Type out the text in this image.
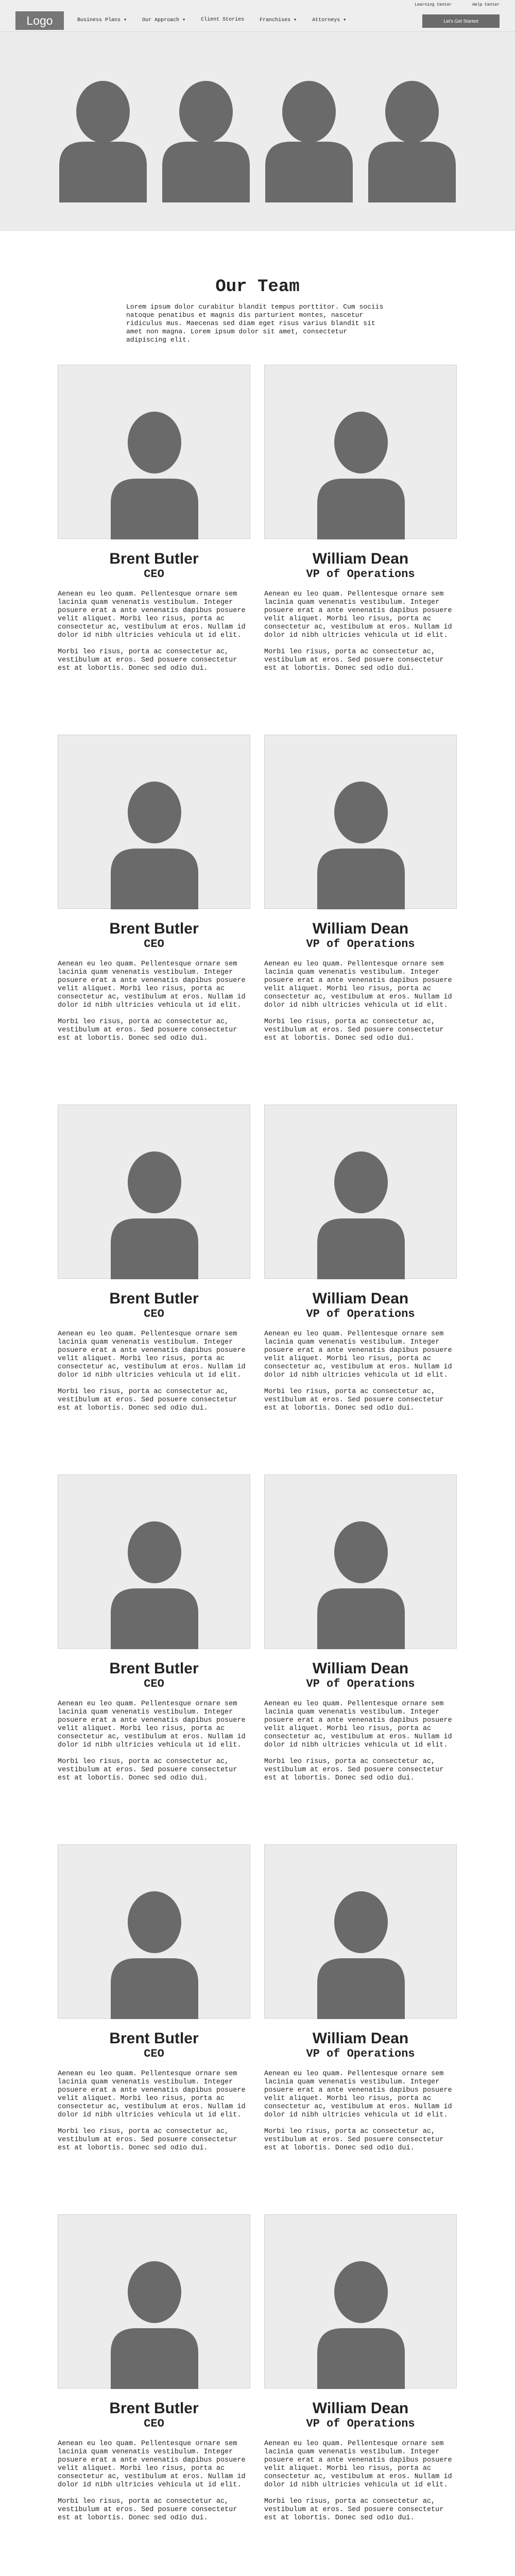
Logo	Business Plans ▾	Our Approach ▾	Client Stories	Franchises ▾	Attorneys ▾
Learning Center	Help Center
Let's Get Started
Our Team

Lorem ipsum dolor curabitur blandit tempus porttitor. Cum sociis natoque penatibus et magnis dis parturient montes, nascetur ridiculus mus. Maecenas sed diam eget risus varius blandit sit amet non magna. Lorem ipsum dolor sit amet, consectetur adipiscing elit.

Brent Butler
CEO

Aenean eu leo quam. Pellentesque ornare sem lacinia quam venenatis vestibulum. Integer posuere erat a ante venenatis dapibus posuere velit aliquet. Morbi leo risus, porta ac consectetur ac, vestibulum at eros. Nullam id dolor id nibh ultricies vehicula ut id elit.

Morbi leo risus, porta ac consectetur ac, vestibulum at eros. Sed posuere consectetur est at lobortis. Donec sed odio dui.

William Dean
VP of Operations

Aenean eu leo quam. Pellentesque ornare sem lacinia quam venenatis vestibulum. Integer posuere erat a ante venenatis dapibus posuere velit aliquet. Morbi leo risus, porta ac consectetur ac, vestibulum at eros. Nullam id dolor id nibh ultricies vehicula ut id elit.

Morbi leo risus, porta ac consectetur ac, vestibulum at eros. Sed posuere consectetur est at lobortis. Donec sed odio dui.

Brent Butler
CEO

Aenean eu leo quam. Pellentesque ornare sem lacinia quam venenatis vestibulum. Integer posuere erat a ante venenatis dapibus posuere velit aliquet. Morbi leo risus, porta ac consectetur ac, vestibulum at eros. Nullam id dolor id nibh ultricies vehicula ut id elit.

Morbi leo risus, porta ac consectetur ac, vestibulum at eros. Sed posuere consectetur est at lobortis. Donec sed odio dui.

William Dean
VP of Operations

Aenean eu leo quam. Pellentesque ornare sem lacinia quam venenatis vestibulum. Integer posuere erat a ante venenatis dapibus posuere velit aliquet. Morbi leo risus, porta ac consectetur ac, vestibulum at eros. Nullam id dolor id nibh ultricies vehicula ut id elit.

Morbi leo risus, porta ac consectetur ac, vestibulum at eros. Sed posuere consectetur est at lobortis. Donec sed odio dui.

Brent Butler
CEO

Aenean eu leo quam. Pellentesque ornare sem lacinia quam venenatis vestibulum. Integer posuere erat a ante venenatis dapibus posuere velit aliquet. Morbi leo risus, porta ac consectetur ac, vestibulum at eros. Nullam id dolor id nibh ultricies vehicula ut id elit.

Morbi leo risus, porta ac consectetur ac, vestibulum at eros. Sed posuere consectetur est at lobortis. Donec sed odio dui.

William Dean
VP of Operations

Aenean eu leo quam. Pellentesque ornare sem lacinia quam venenatis vestibulum. Integer posuere erat a ante venenatis dapibus posuere velit aliquet. Morbi leo risus, porta ac consectetur ac, vestibulum at eros. Nullam id dolor id nibh ultricies vehicula ut id elit.

Morbi leo risus, porta ac consectetur ac, vestibulum at eros. Sed posuere consectetur est at lobortis. Donec sed odio dui.

Brent Butler
CEO

Aenean eu leo quam. Pellentesque ornare sem lacinia quam venenatis vestibulum. Integer posuere erat a ante venenatis dapibus posuere velit aliquet. Morbi leo risus, porta ac consectetur ac, vestibulum at eros. Nullam id dolor id nibh ultricies vehicula ut id elit.

Morbi leo risus, porta ac consectetur ac, vestibulum at eros. Sed posuere consectetur est at lobortis. Donec sed odio dui.

William Dean
VP of Operations

Aenean eu leo quam. Pellentesque ornare sem lacinia quam venenatis vestibulum. Integer posuere erat a ante venenatis dapibus posuere velit aliquet. Morbi leo risus, porta ac consectetur ac, vestibulum at eros. Nullam id dolor id nibh ultricies vehicula ut id elit.

Morbi leo risus, porta ac consectetur ac, vestibulum at eros. Sed posuere consectetur est at lobortis. Donec sed odio dui.

Brent Butler
CEO

Aenean eu leo quam. Pellentesque ornare sem lacinia quam venenatis vestibulum. Integer posuere erat a ante venenatis dapibus posuere velit aliquet. Morbi leo risus, porta ac consectetur ac, vestibulum at eros. Nullam id dolor id nibh ultricies vehicula ut id elit.

Morbi leo risus, porta ac consectetur ac, vestibulum at eros. Sed posuere consectetur est at lobortis. Donec sed odio dui.

William Dean
VP of Operations

Aenean eu leo quam. Pellentesque ornare sem lacinia quam venenatis vestibulum. Integer posuere erat a ante venenatis dapibus posuere velit aliquet. Morbi leo risus, porta ac consectetur ac, vestibulum at eros. Nullam id dolor id nibh ultricies vehicula ut id elit.

Morbi leo risus, porta ac consectetur ac, vestibulum at eros. Sed posuere consectetur est at lobortis. Donec sed odio dui.

Brent Butler
CEO

Aenean eu leo quam. Pellentesque ornare sem lacinia quam venenatis vestibulum. Integer posuere erat a ante venenatis dapibus posuere velit aliquet. Morbi leo risus, porta ac consectetur ac, vestibulum at eros. Nullam id dolor id nibh ultricies vehicula ut id elit.

Morbi leo risus, porta ac consectetur ac, vestibulum at eros. Sed posuere consectetur est at lobortis. Donec sed odio dui.

William Dean
VP of Operations

Aenean eu leo quam. Pellentesque ornare sem lacinia quam venenatis vestibulum. Integer posuere erat a ante venenatis dapibus posuere velit aliquet. Morbi leo risus, porta ac consectetur ac, vestibulum at eros. Nullam id dolor id nibh ultricies vehicula ut id elit.

Morbi leo risus, porta ac consectetur ac, vestibulum at eros. Sed posuere consectetur est at lobortis. Donec sed odio dui.
